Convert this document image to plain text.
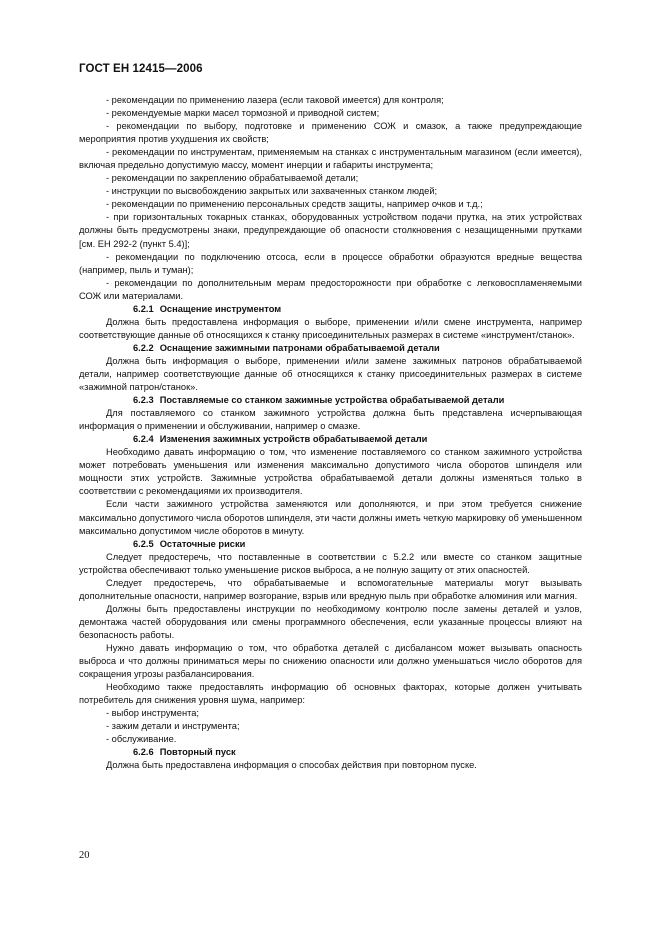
ГОСТ ЕН 12415—2006

- рекомендации по применению лазера (если таковой имеется) для контроля;

- рекомендуемые марки масел тормозной и приводной систем;

- рекомендации по выбору, подготовке и применению СОЖ и смазок, а также предупреждающие мероприятия против ухудшения их свойств;

- рекомендации по инструментам, применяемым на станках с инструментальным магазином (если имеется), включая предельно допустимую массу, момент инерции и габариты инструмента;

- рекомендации по закреплению обрабатываемой детали;

- инструкции по высвобождению закрытых или захваченных станком людей;

- рекомендации по применению персональных средств защиты, например очков и т.д.;

- при горизонтальных токарных станках, оборудованных устройством подачи прутка, на этих устройствах должны быть предусмотрены знаки, предупреждающие об опасности столкновения с незащищенными прутками [см. ЕН 292-2 (пункт 5.4)];

- рекомендации по подключению отсоса, если в процессе обработки образуются вредные вещества (например, пыль и туман);

- рекомендации по дополнительным мерам предосторожности при обработке с легковоспламеняемыми СОЖ или материалами.

6.2.1 Оснащение инструментом

Должна быть предоставлена информация о выборе, применении и/или смене инструмента, например соответствующие данные об относящихся к станку присоединительных размерах в системе «инструмент/станок».

6.2.2 Оснащение зажимными патронами обрабатываемой детали

Должна быть информация о выборе, применении и/или замене зажимных патронов обрабатываемой детали, например соответствующие данные об относящихся к станку присоединительных размерах в системе «зажимной патрон/станок».

6.2.3 Поставляемые со станком зажимные устройства обрабатываемой детали

Для поставляемого со станком зажимного устройства должна быть представлена исчерпывающая информация о применении и обслуживании, например о смазке.

6.2.4 Изменения зажимных устройств обрабатываемой детали

Необходимо давать информацию о том, что изменение поставляемого со станком зажимного устройства может потребовать уменьшения или изменения максимально допустимого числа оборотов шпинделя или мощности этих устройств. Зажимные устройства обрабатываемой детали должны изменяться только в соответствии с рекомендациями их производителя.

Если части зажимного устройства заменяются или дополняются, и при этом требуется снижение максимально допустимого числа оборотов шпинделя, эти части должны иметь четкую маркировку об уменьшенном максимально допустимом числе оборотов в минуту.

6.2.5 Остаточные риски

Следует предостеречь, что поставленные в соответствии с 5.2.2 или вместе со станком защитные устройства обеспечивают только уменьшение рисков выброса, а не полную защиту от этих опасностей.

Следует предостеречь, что обрабатываемые и вспомогательные материалы могут вызывать дополнительные опасности, например возгорание, взрыв или вредную пыль при обработке алюминия или магния.

Должны быть предоставлены инструкции по необходимому контролю после замены деталей и узлов, демонтажа частей оборудования или смены программного обеспечения, если указанные процессы влияют на безопасность работы.

Нужно давать информацию о том, что обработка деталей с дисбалансом может вызывать опасность выброса и что должны приниматься меры по снижению опасности или должно уменьшаться число оборотов для сокращения угрозы разбалансирования.

Необходимо также предоставлять информацию об основных факторах, которые должен учитывать потребитель для снижения уровня шума, например:

- выбор инструмента;

- зажим детали и инструмента;

- обслуживание.

6.2.6 Повторный пуск

Должна быть предоставлена информация о способах действия при повторном пуске.

20
